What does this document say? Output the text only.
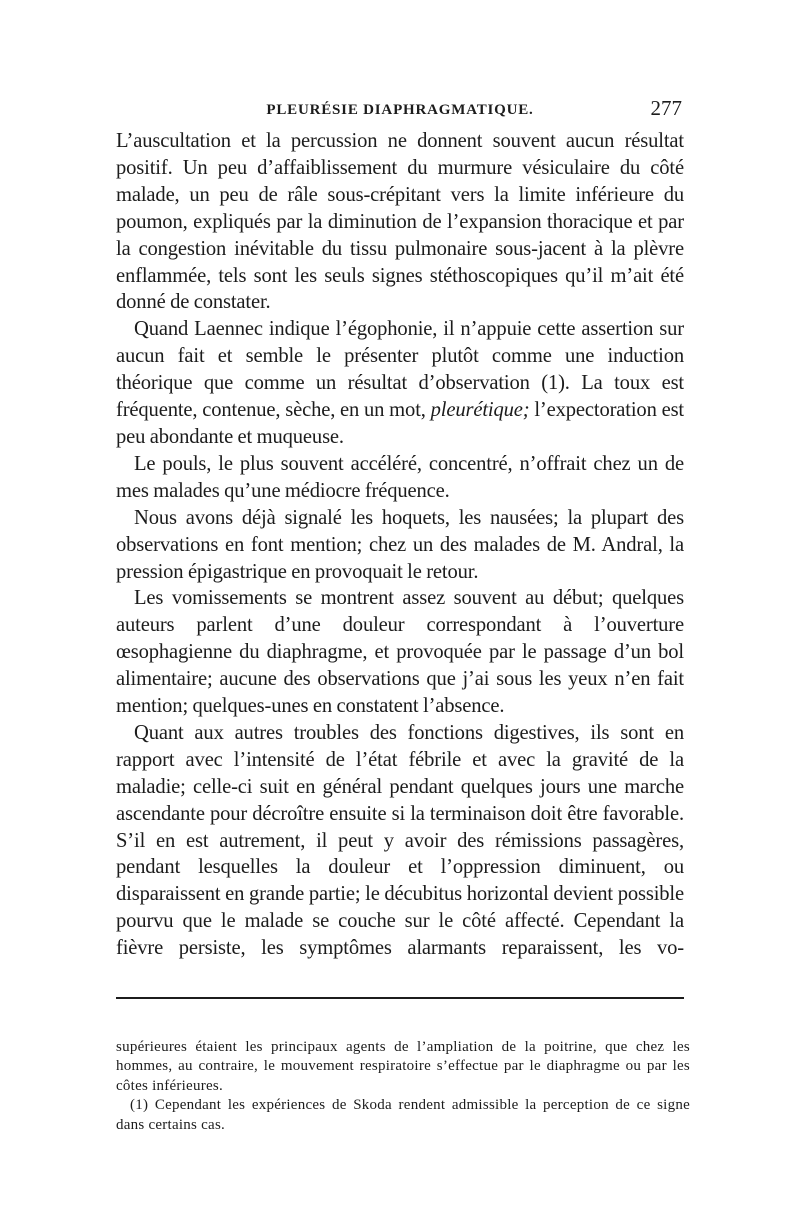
PLEURÉSIE DIAPHRAGMATIQUE.	277

L’auscultation et la percussion ne donnent souvent aucun résultat positif. Un peu d’affaiblissement du murmure vésiculaire du côté malade, un peu de râle sous-crépitant vers la limite inférieure du poumon, expliqués par la diminution de l’expansion thoracique et par la congestion inévitable du tissu pulmonaire sous-jacent à la plèvre enflammée, tels sont les seuls signes stéthoscopiques qu’il m’ait été donné de constater.

Quand Laennec indique l’égophonie, il n’appuie cette assertion sur aucun fait et semble le présenter plutôt comme une induction théorique que comme un résultat d’observation (1). La toux est fréquente, contenue, sèche, en un mot, pleurétique; l’expectoration est peu abondante et muqueuse.

Le pouls, le plus souvent accéléré, concentré, n’offrait chez un de mes malades qu’une médiocre fréquence.

Nous avons déjà signalé les hoquets, les nausées; la plupart des observations en font mention; chez un des malades de M. Andral, la pression épigastrique en provoquait le retour.

Les vomissements se montrent assez souvent au début; quelques auteurs parlent d’une douleur correspondant à l’ouverture œsophagienne du diaphragme, et provoquée par le passage d’un bol alimentaire; aucune des observations que j’ai sous les yeux n’en fait mention; quelques-unes en constatent l’absence.

Quant aux autres troubles des fonctions digestives, ils sont en rapport avec l’intensité de l’état fébrile et avec la gravité de la maladie; celle-ci suit en général pendant quelques jours une marche ascendante pour décroître ensuite si la terminaison doit être favorable. S’il en est autrement, il peut y avoir des rémissions passagères, pendant lesquelles la douleur et l’oppression diminuent, ou disparaissent en grande partie; le décubitus horizontal devient possible pourvu que le malade se couche sur le côté affecté. Cependant la fièvre persiste, les symptômes alarmants reparaissent, les vo-

supérieures étaient les principaux agents de l’ampliation de la poitrine, que chez les hommes, au contraire, le mouvement respiratoire s’effectue par le diaphragme ou par les côtes inférieures.

(1) Cependant les expériences de Skoda rendent admissible la perception de ce signe dans certains cas.
